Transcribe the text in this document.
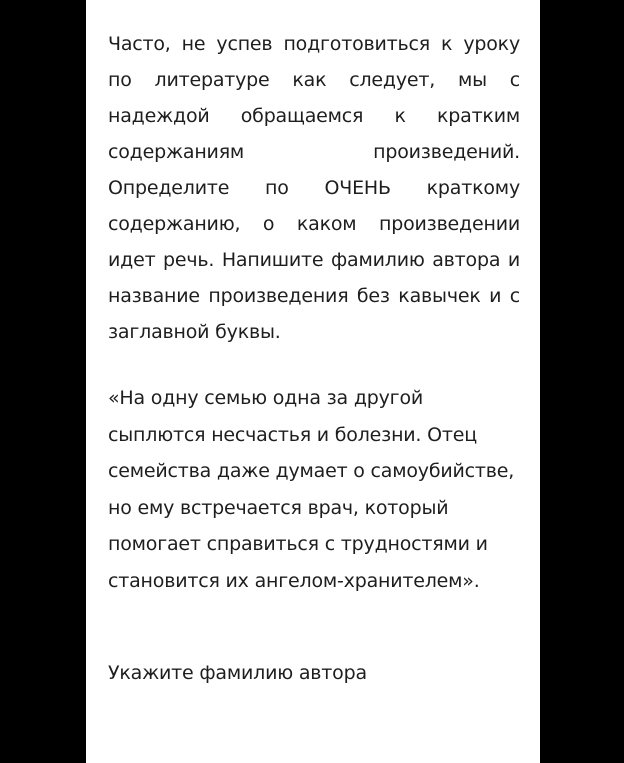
Часто, не успев подготовиться к уроку по литературе как следует, мы с надеждой обращаемся к кратким содержаниям произведений. Определите по ОЧЕНЬ краткому содержанию, о каком произведении идет речь. Напишите фамилию автора и название произведения без кавычек и с заглавной буквы.

«На одну семью одна за другой сыплются несчастья и болезни. Отец семейства даже думает о самоубийстве, но ему встречается врач, который помогает справиться с трудностями и становится их ангелом-хранителем».

Укажите фамилию автора
